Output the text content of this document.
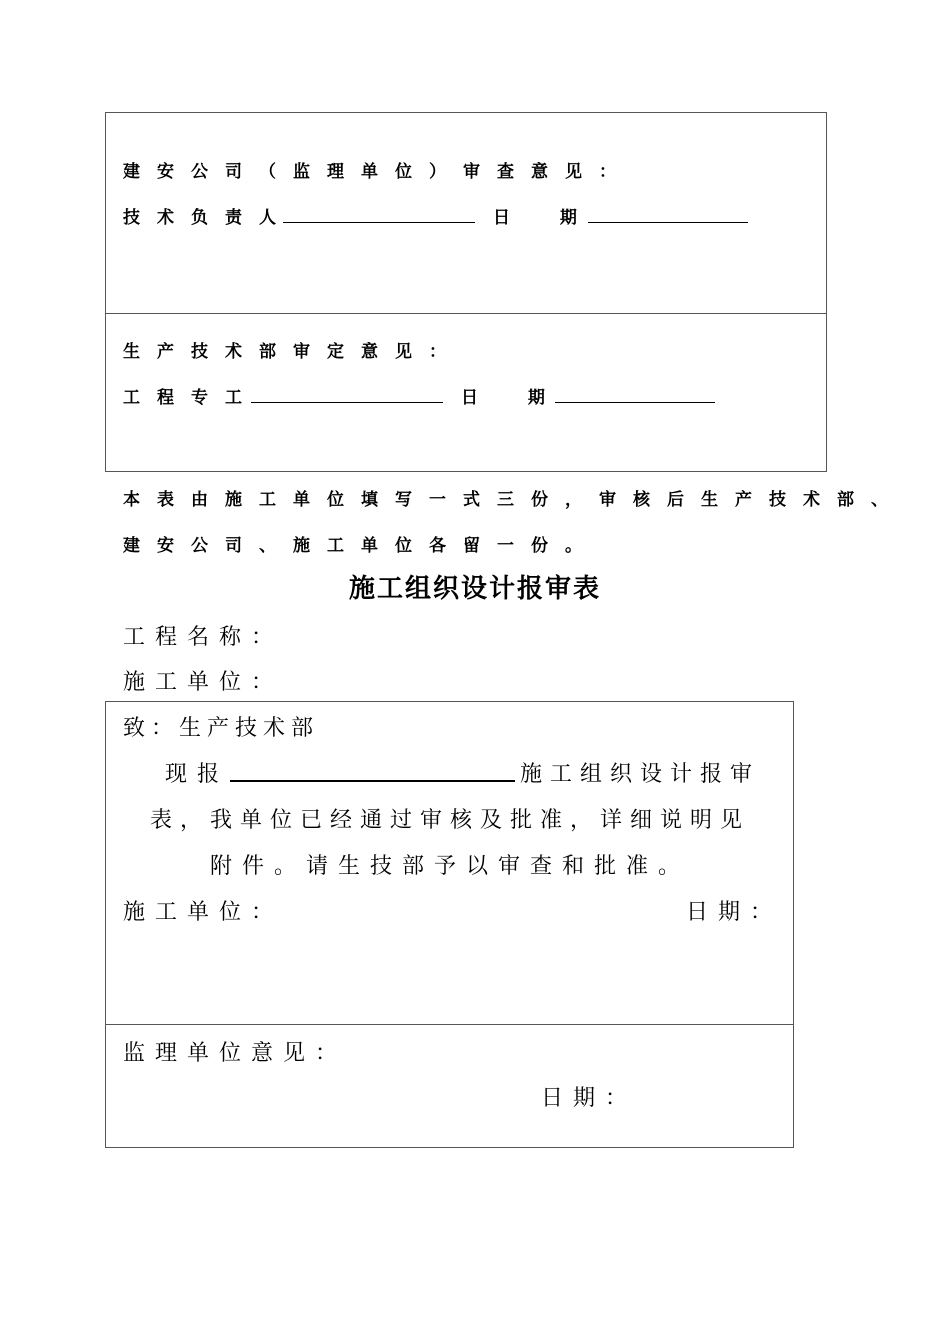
建安公司（监理单位）审查意见：
技术负责人	日 期
生产技术部审定意见：
工程专工	日 期
本表由施工单位填写一式三份，审核后生产技术部、
建安公司、施工单位各留一份。
施工组织设计报审表
工程名称：
施工单位：
致：生产技术部
现报	施工组织设计报审
表，我单位已经通过审核及批准，详细说明见
附件。请生技部予以审查和批准。
施工单位：	日期：
监理单位意见：
日期：
